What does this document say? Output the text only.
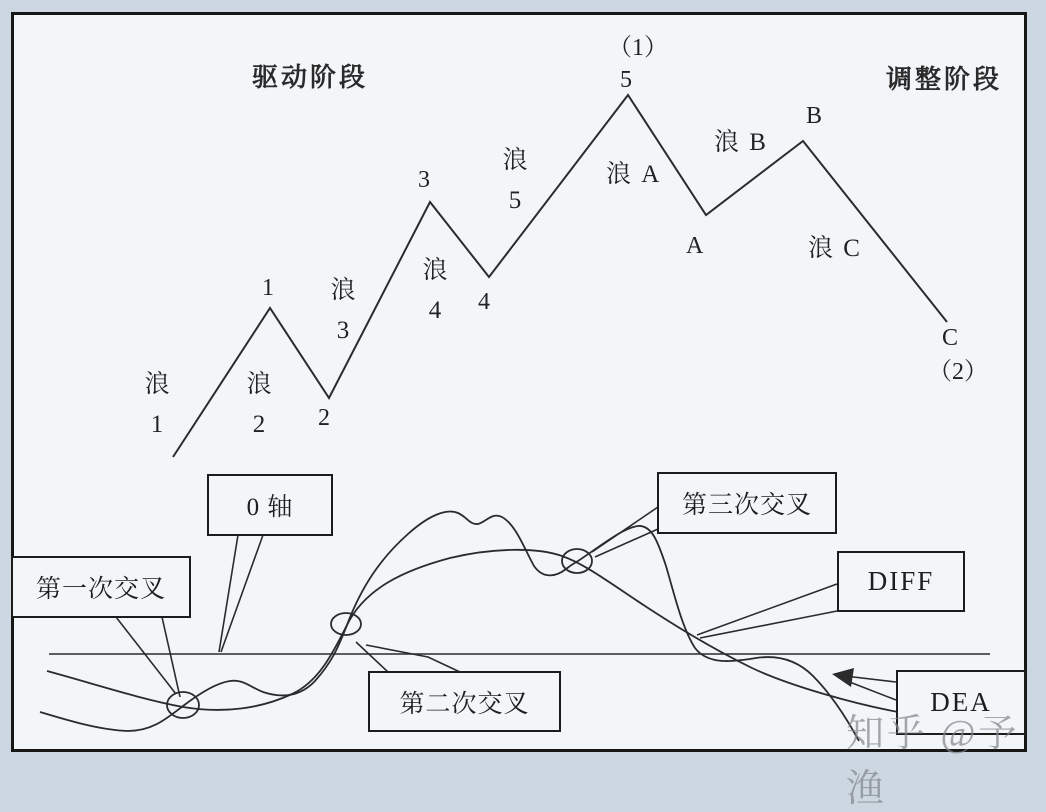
驱动阶段	调整阶段
（1）
5
1
2
3
4
A
B
C
（2）
浪
1
浪
2
浪
3
浪
4
浪
5
浪 A
浪 B
浪 C
0 轴
第一次交叉
第二次交叉
第三次交叉
DIFF
DEA
知乎 @予渔
